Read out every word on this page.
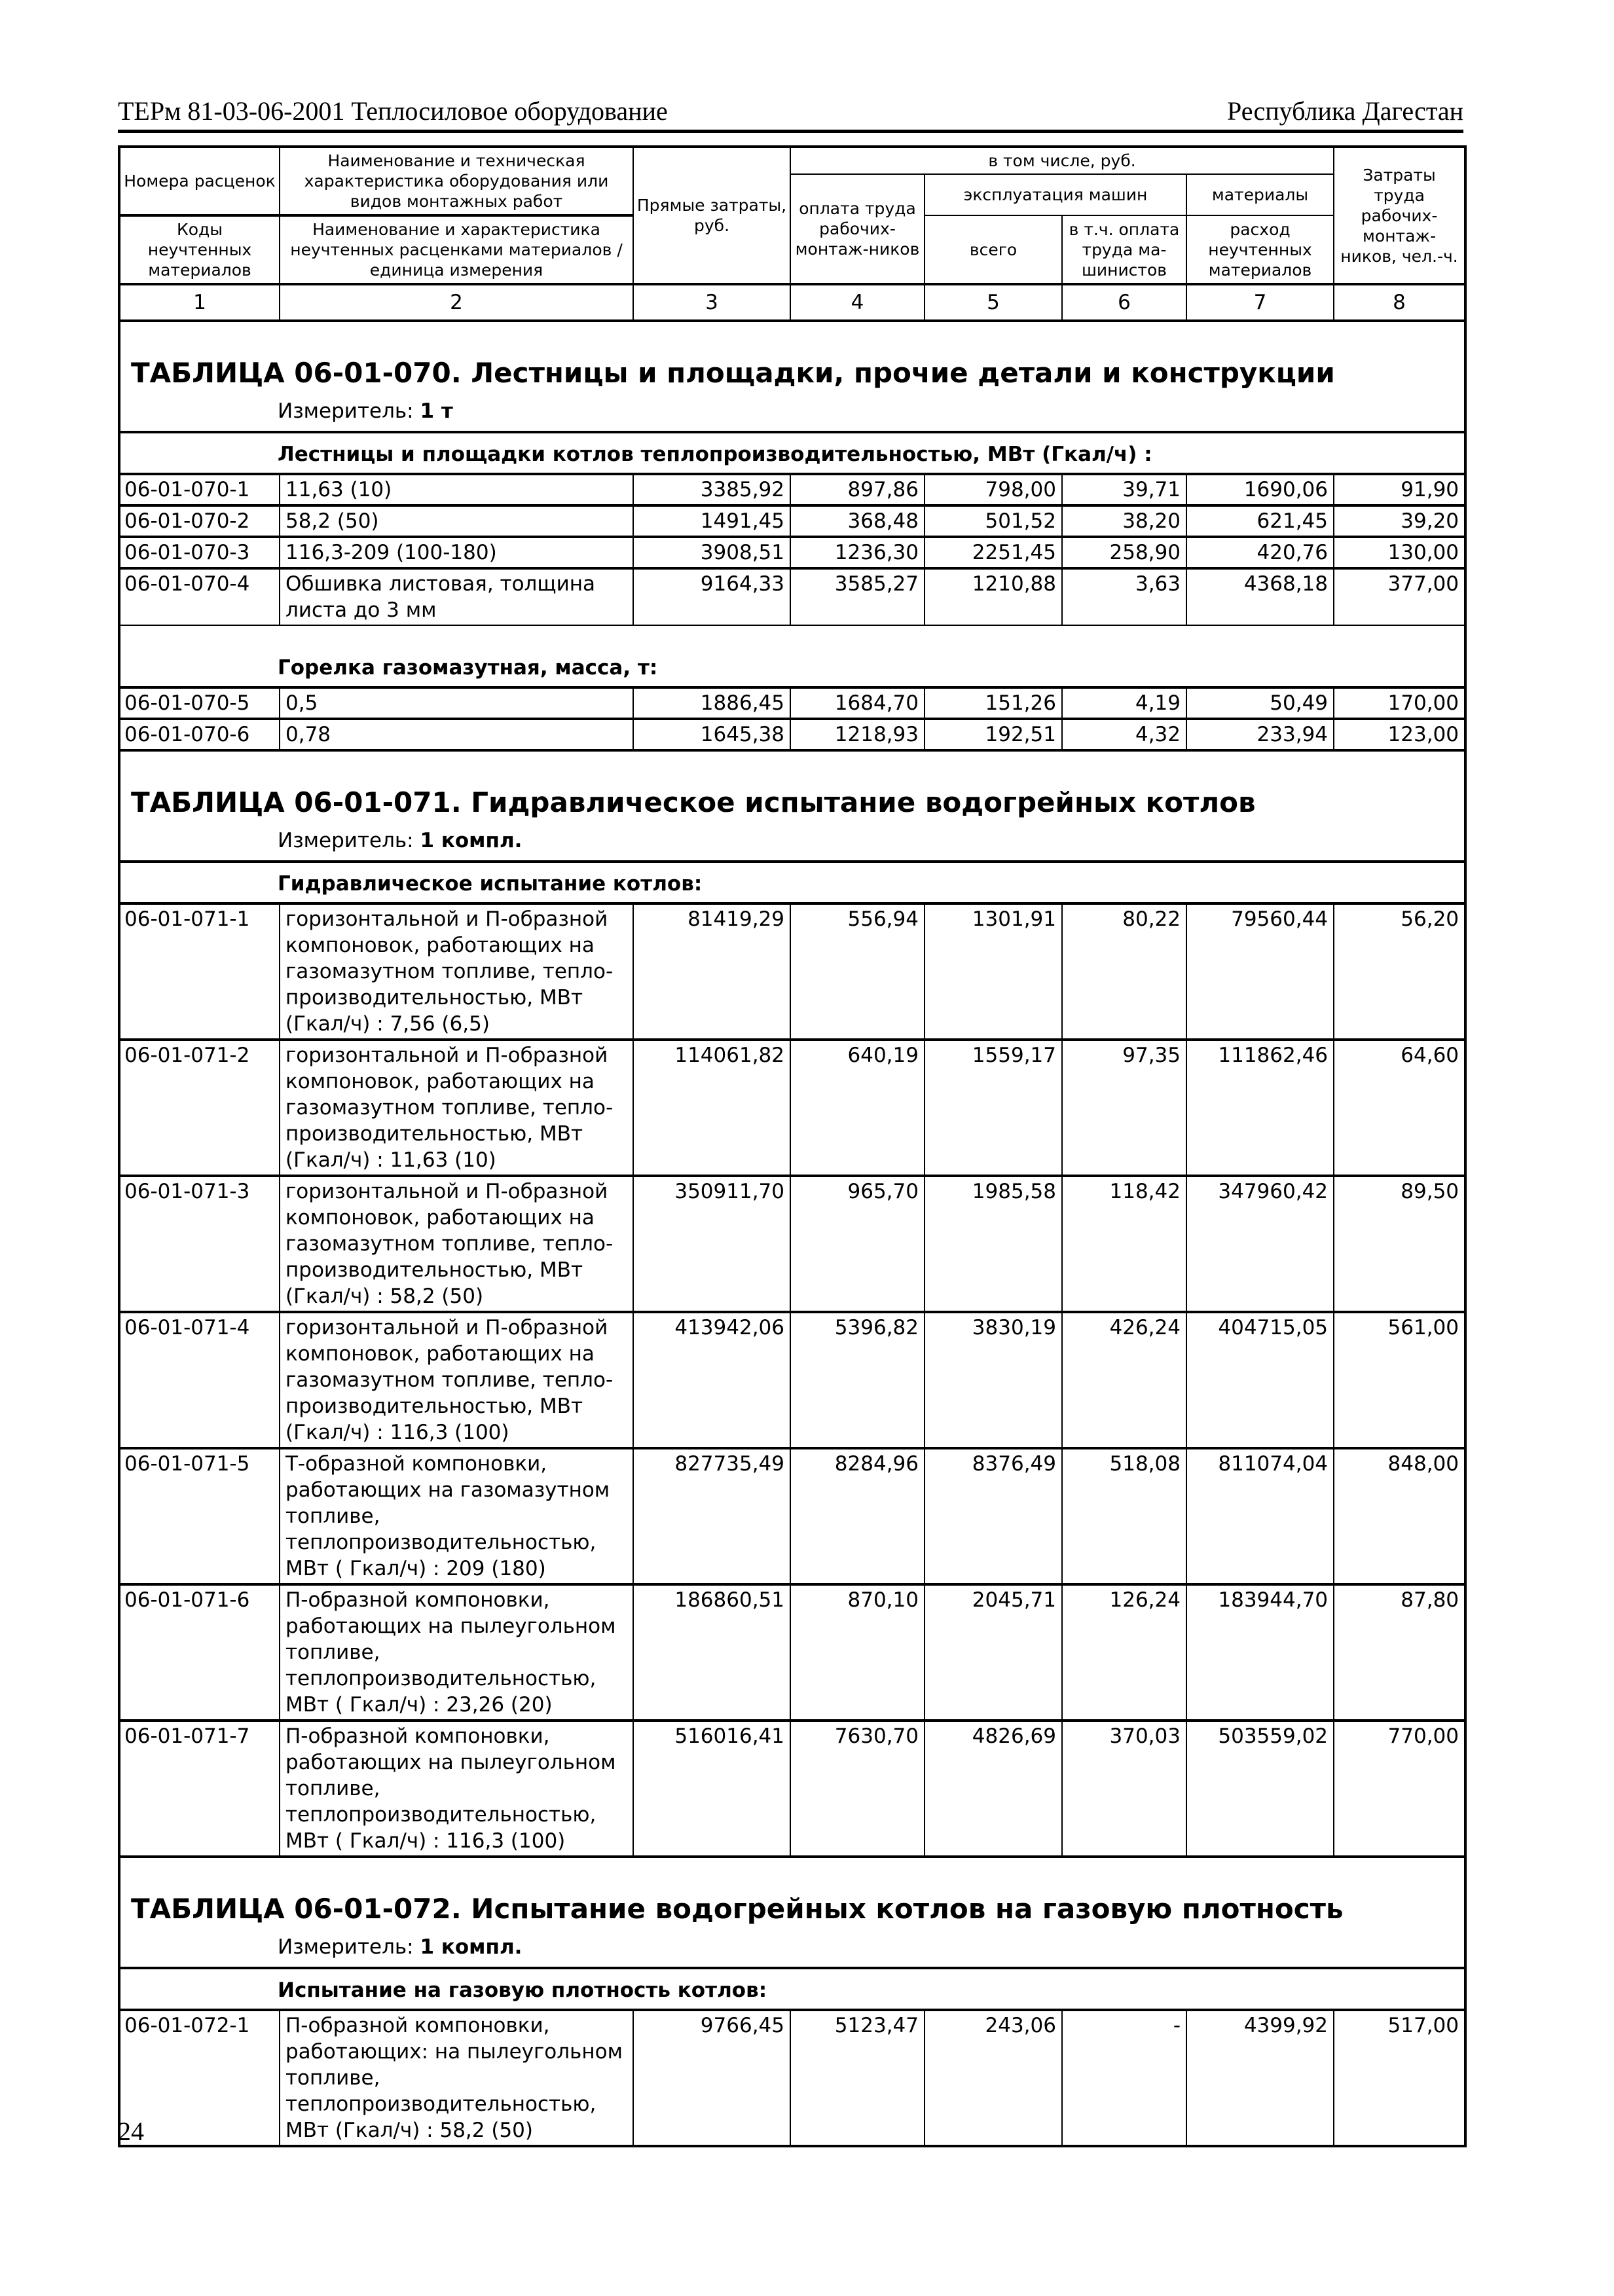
ТЕРм 81-03-06-2001 Теплосиловое оборудование	Республика Дагестан
Номера расценок	Наименование и техническая характеристика оборудования или видов монтажных работ	Прямые затраты, руб.	в том числе, руб.				Затраты труда рабочих-монтаж-ников, чел.-ч.
			оплата труда рабочих-монтаж-ников	эксплуатация машин		материалы	
Коды неучтенных материалов	Наименование и характеристика неучтенных расценками материалов / единица измерения			всего	в т.ч. оплата труда ма-шинистов	расход неучтенных материалов	

1	2	3	4	5	6	7	8
ТАБЛИЦА 06-01-070. Лестницы и площадки, прочие детали и конструкции							
Измеритель: 1 т							
Лестницы и площадки котлов теплопроизводительностью, МВт (Гкал/ч) :							
06-01-070-1	11,63 (10)	3385,92	897,86	798,00	39,71	1690,06	91,90
06-01-070-2	58,2 (50)	1491,45	368,48	501,52	38,20	621,45	39,20
06-01-070-3	116,3-209 (100-180)	3908,51	1236,30	2251,45	258,90	420,76	130,00
06-01-070-4	Обшивка листовая, толщина листа до 3 мм	9164,33	3585,27	1210,88	3,63	4368,18	377,00
Горелка газомазутная, масса, т:							
06-01-070-5	0,5	1886,45	1684,70	151,26	4,19	50,49	170,00
06-01-070-6	0,78	1645,38	1218,93	192,51	4,32	233,94	123,00
ТАБЛИЦА 06-01-071. Гидравлическое испытание водогрейных котлов							
Измеритель: 1 компл.							
Гидравлическое испытание котлов:							
06-01-071-1	горизонтальной и П-образной компоновок, работающих на газомазутном топливе, тепло-производительностью, МВт (Гкал/ч) : 7,56 (6,5)	81419,29	556,94	1301,91	80,22	79560,44	56,20
06-01-071-2	горизонтальной и П-образной компоновок, работающих на газомазутном топливе, тепло-производительностью, МВт (Гкал/ч) : 11,63 (10)	114061,82	640,19	1559,17	97,35	111862,46	64,60
06-01-071-3	горизонтальной и П-образной компоновок, работающих на газомазутном топливе, тепло-производительностью, МВт (Гкал/ч) : 58,2 (50)	350911,70	965,70	1985,58	118,42	347960,42	89,50
06-01-071-4	горизонтальной и П-образной компоновок, работающих на газомазутном топливе, тепло-производительностью, МВт (Гкал/ч) : 116,3 (100)	413942,06	5396,82	3830,19	426,24	404715,05	561,00
06-01-071-5	Т-образной компоновки, работающих на газомазутном топливе, теплопроизводительностью, МВт ( Гкал/ч) : 209 (180)	827735,49	8284,96	8376,49	518,08	811074,04	848,00
06-01-071-6	П-образной компоновки, работающих на пылеугольном топливе, теплопроизводительностью, МВт ( Гкал/ч) : 23,26 (20)	186860,51	870,10	2045,71	126,24	183944,70	87,80
06-01-071-7	П-образной компоновки, работающих на пылеугольном топливе, теплопроизводительностью, МВт ( Гкал/ч) : 116,3 (100)	516016,41	7630,70	4826,69	370,03	503559,02	770,00
ТАБЛИЦА 06-01-072. Испытание водогрейных котлов на газовую плотность							
Измеритель: 1 компл.							
Испытание на газовую плотность котлов:							
06-01-072-1	П-образной компоновки, работающих: на пылеугольном топливе, теплопроизводительностью, МВт (Гкал/ч) : 58,2 (50)	9766,45	5123,47	243,06	-	4399,92	517,00
24
